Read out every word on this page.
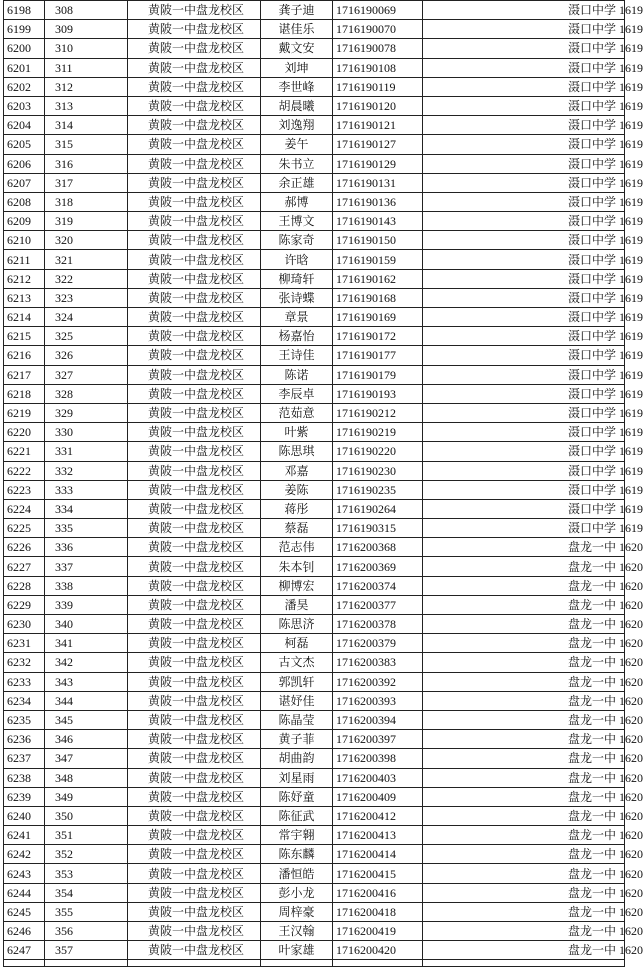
6198	308	黄陂一中盘龙校区	龚子迪	1716190069	滠口中学 1619
6199	309	黄陂一中盘龙校区	谌佳乐	1716190070	滠口中学 1619
6200	310	黄陂一中盘龙校区	戴文安	1716190078	滠口中学 1619
6201	311	黄陂一中盘龙校区	刘坤	1716190108	滠口中学 1619
6202	312	黄陂一中盘龙校区	李世峰	1716190119	滠口中学 1619
6203	313	黄陂一中盘龙校区	胡晨曦	1716190120	滠口中学 1619
6204	314	黄陂一中盘龙校区	刘逸翔	1716190121	滠口中学 1619
6205	315	黄陂一中盘龙校区	姜午	1716190127	滠口中学 1619
6206	316	黄陂一中盘龙校区	朱书立	1716190129	滠口中学 1619
6207	317	黄陂一中盘龙校区	余正雄	1716190131	滠口中学 1619
6208	318	黄陂一中盘龙校区	郝博	1716190136	滠口中学 1619
6209	319	黄陂一中盘龙校区	王博文	1716190143	滠口中学 1619
6210	320	黄陂一中盘龙校区	陈家奇	1716190150	滠口中学 1619
6211	321	黄陂一中盘龙校区	许晗	1716190159	滠口中学 1619
6212	322	黄陂一中盘龙校区	柳琦轩	1716190162	滠口中学 1619
6213	323	黄陂一中盘龙校区	张诗蝶	1716190168	滠口中学 1619
6214	324	黄陂一中盘龙校区	章景	1716190169	滠口中学 1619
6215	325	黄陂一中盘龙校区	杨嘉怡	1716190172	滠口中学 1619
6216	326	黄陂一中盘龙校区	王诗佳	1716190177	滠口中学 1619
6217	327	黄陂一中盘龙校区	陈诺	1716190179	滠口中学 1619
6218	328	黄陂一中盘龙校区	李辰卓	1716190193	滠口中学 1619
6219	329	黄陂一中盘龙校区	范茹意	1716190212	滠口中学 1619
6220	330	黄陂一中盘龙校区	叶紫	1716190219	滠口中学 1619
6221	331	黄陂一中盘龙校区	陈思琪	1716190220	滠口中学 1619
6222	332	黄陂一中盘龙校区	邓嘉	1716190230	滠口中学 1619
6223	333	黄陂一中盘龙校区	姜陈	1716190235	滠口中学 1619
6224	334	黄陂一中盘龙校区	蒋彤	1716190264	滠口中学 1619
6225	335	黄陂一中盘龙校区	蔡磊	1716190315	滠口中学 1619
6226	336	黄陂一中盘龙校区	范志伟	1716200368	盘龙一中 1620
6227	337	黄陂一中盘龙校区	朱本钊	1716200369	盘龙一中 1620
6228	338	黄陂一中盘龙校区	柳博宏	1716200374	盘龙一中 1620
6229	339	黄陂一中盘龙校区	潘昊	1716200377	盘龙一中 1620
6230	340	黄陂一中盘龙校区	陈思济	1716200378	盘龙一中 1620
6231	341	黄陂一中盘龙校区	柯磊	1716200379	盘龙一中 1620
6232	342	黄陂一中盘龙校区	古文杰	1716200383	盘龙一中 1620
6233	343	黄陂一中盘龙校区	郭凯轩	1716200392	盘龙一中 1620
6234	344	黄陂一中盘龙校区	谌妤佳	1716200393	盘龙一中 1620
6235	345	黄陂一中盘龙校区	陈晶莹	1716200394	盘龙一中 1620
6236	346	黄陂一中盘龙校区	黄子菲	1716200397	盘龙一中 1620
6237	347	黄陂一中盘龙校区	胡曲韵	1716200398	盘龙一中 1620
6238	348	黄陂一中盘龙校区	刘星雨	1716200403	盘龙一中 1620
6239	349	黄陂一中盘龙校区	陈妤童	1716200409	盘龙一中 1620
6240	350	黄陂一中盘龙校区	陈征武	1716200412	盘龙一中 1620
6241	351	黄陂一中盘龙校区	常宇翱	1716200413	盘龙一中 1620
6242	352	黄陂一中盘龙校区	陈东麟	1716200414	盘龙一中 1620
6243	353	黄陂一中盘龙校区	潘恒皓	1716200415	盘龙一中 1620
6244	354	黄陂一中盘龙校区	彭小龙	1716200416	盘龙一中 1620
6245	355	黄陂一中盘龙校区	周梓豪	1716200418	盘龙一中 1620
6246	356	黄陂一中盘龙校区	王汉翰	1716200419	盘龙一中 1620
6247	357	黄陂一中盘龙校区	叶家雄	1716200420	盘龙一中 1620
